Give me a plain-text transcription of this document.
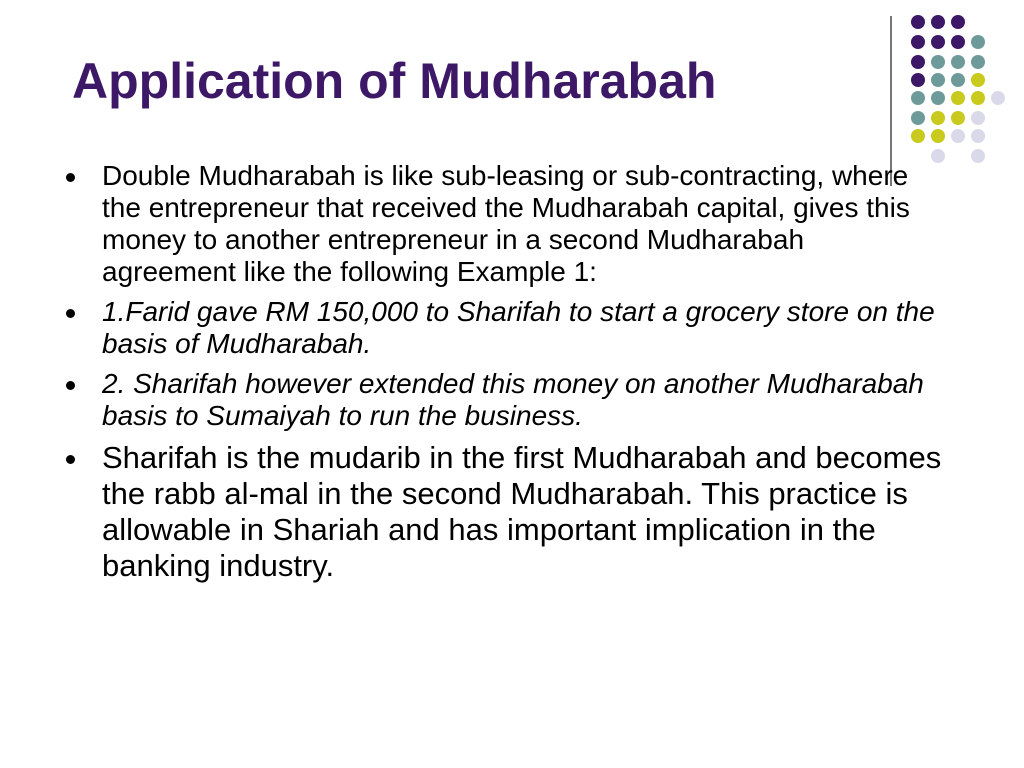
Application of Mudharabah
Double Mudharabah is like sub-leasing or sub-contracting, where the entrepreneur that received the Mudharabah capital, gives this money to another entrepreneur in a second Mudharabah agreement like the following Example 1:
1.Farid gave RM 150,000 to Sharifah to start a grocery store on the basis of Mudharabah.
2. Sharifah however extended this money on another Mudharabah basis to Sumaiyah to run the business.
Sharifah is the mudarib in the first Mudharabah and becomes the rabb al-mal in the second Mudharabah. This practice is allowable in Shariah and has important implication in the banking industry.
